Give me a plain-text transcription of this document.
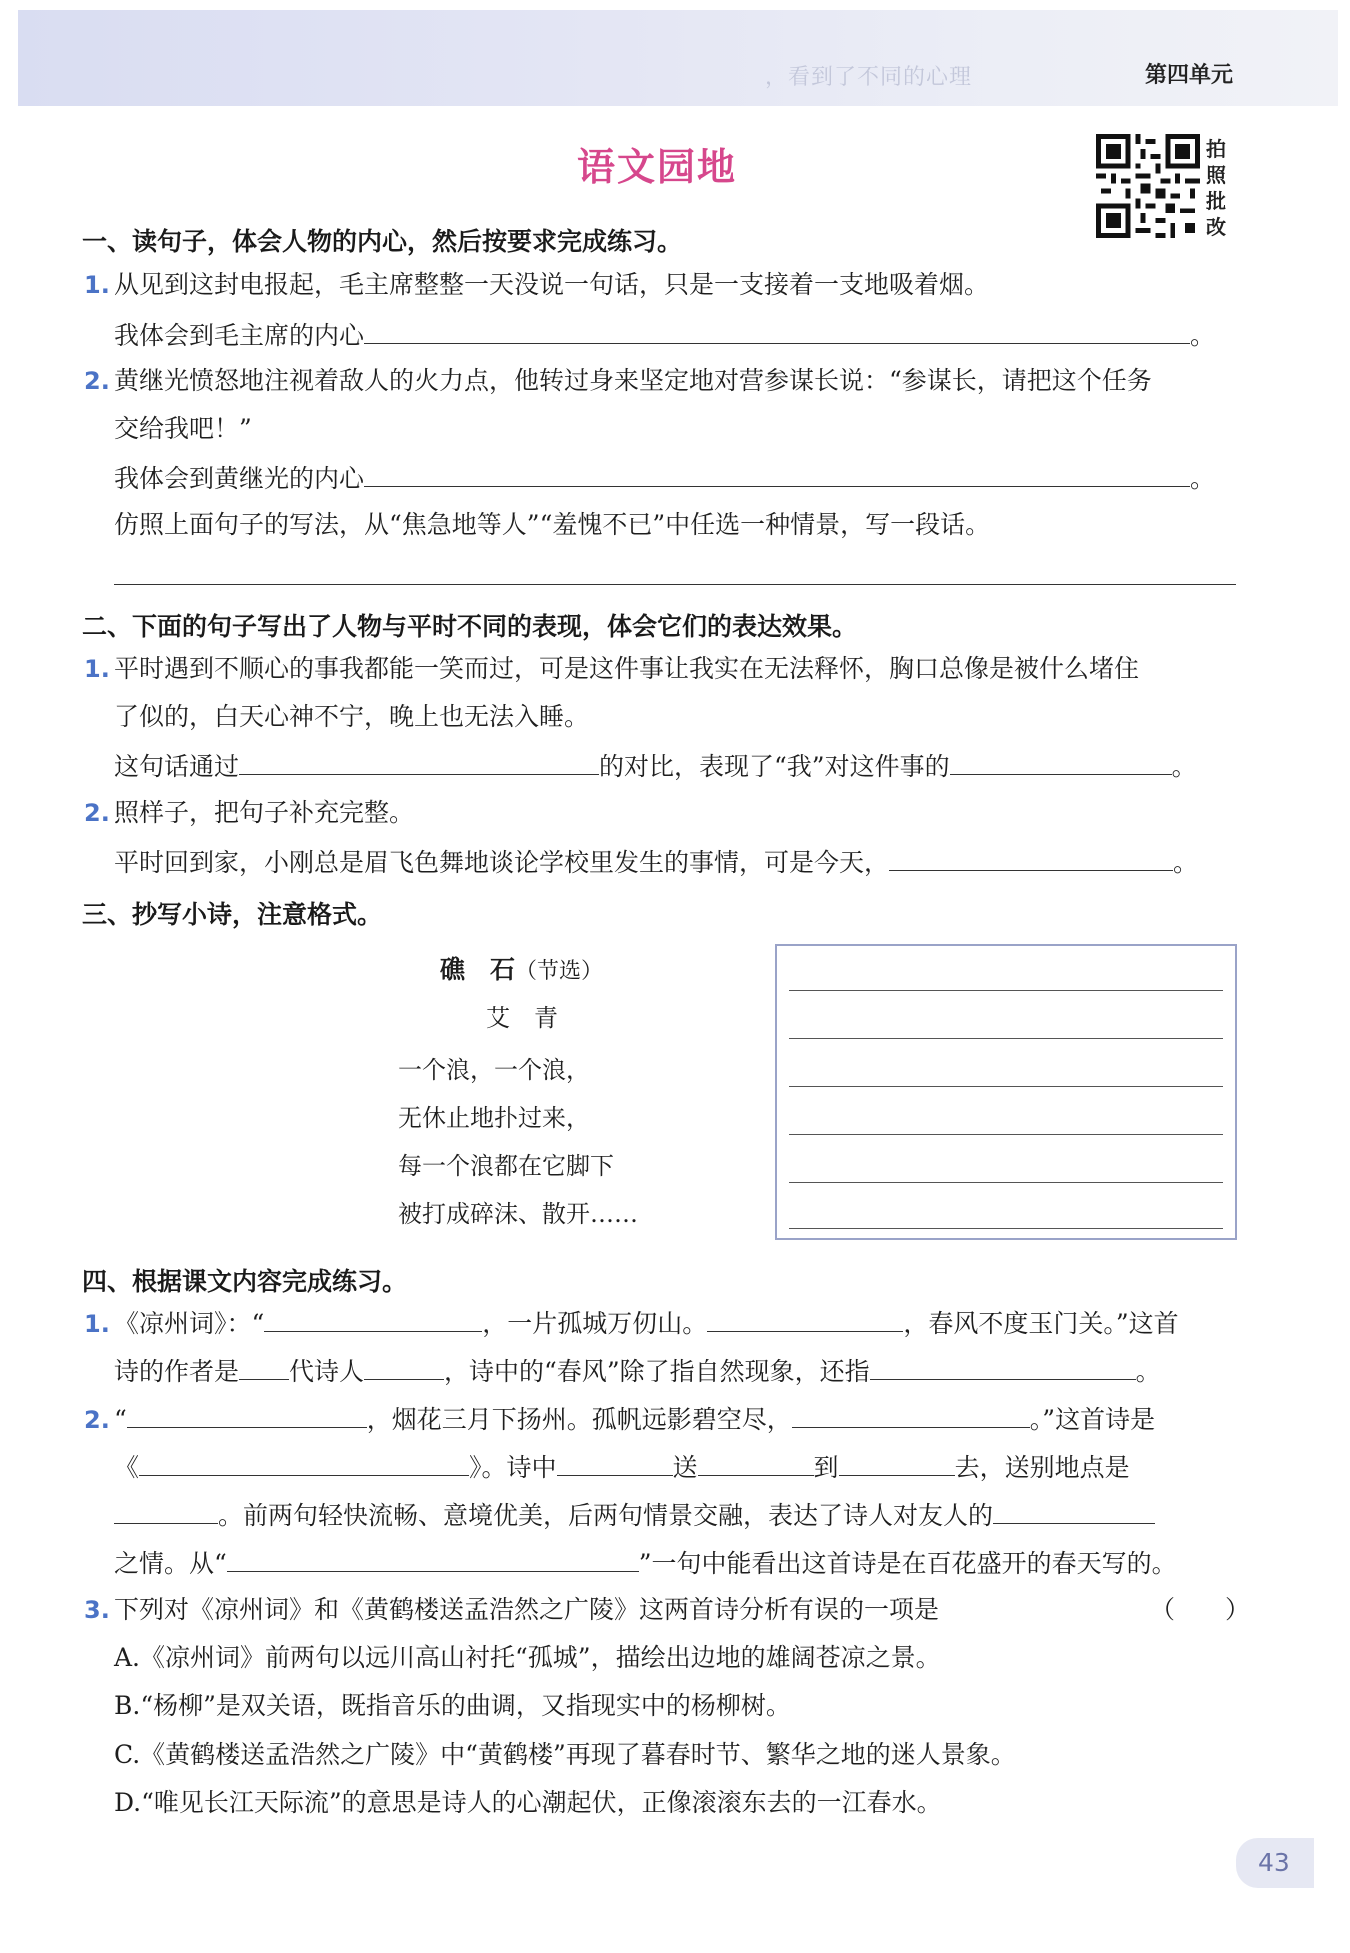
，看到了不同的心理	第四单元
语文园地	拍
照
批
改
一、读句子，体会人物的内心，然后按要求完成练习。
1. 从见到这封电报起，毛主席整整一天没说一句话，只是一支接着一支地吸着烟。
我体会到毛主席的内心	。
2. 黄继光愤怒地注视着敌人的火力点，他转过身来坚定地对营参谋长说：“参谋长，请把这个任务
交给我吧！”
我体会到黄继光的内心	。
仿照上面句子的写法，从“焦急地等人”“羞愧不已”中任选一种情景，写一段话。
二、下面的句子写出了人物与平时不同的表现，体会它们的表达效果。
1. 平时遇到不顺心的事我都能一笑而过，可是这件事让我实在无法释怀，胸口总像是被什么堵住
了似的，白天心神不宁，晚上也无法入睡。
这句话通过	的对比，表现了“我”对这件事的	。
2. 照样子，把句子补充完整。
平时回到家，小刚总是眉飞色舞地谈论学校里发生的事情，可是今天，	。
三、抄写小诗，注意格式。
礁　石（节选）
艾　青
一个浪，一个浪，
无休止地扑过来，
每一个浪都在它脚下
被打成碎沫、散开……
四、根据课文内容完成练习。
1. 《凉州词》：“	，一片孤城万仞山。	，春风不度玉门关。”这首
诗的作者是 代诗人	，诗中的“春风”除了指自然现象，还指	。
2. “	，烟花三月下扬州。孤帆远影碧空尽，	。”这首诗是
《	》。诗中	送	到	去，送别地点是
。前两句轻快流畅、意境优美，后两句情景交融，表达了诗人对友人的
之情。从“	”一句中能看出这首诗是在百花盛开的春天写的。
3. 下列对《凉州词》和《黄鹤楼送孟浩然之广陵》这两首诗分析有误的一项是	（　　）
A.《凉州词》前两句以远川高山衬托“孤城”，描绘出边地的雄阔苍凉之景。
B.“杨柳”是双关语，既指音乐的曲调，又指现实中的杨柳树。
C.《黄鹤楼送孟浩然之广陵》中“黄鹤楼”再现了暮春时节、繁华之地的迷人景象。
D.“唯见长江天际流”的意思是诗人的心潮起伏，正像滚滚东去的一江春水。
43
